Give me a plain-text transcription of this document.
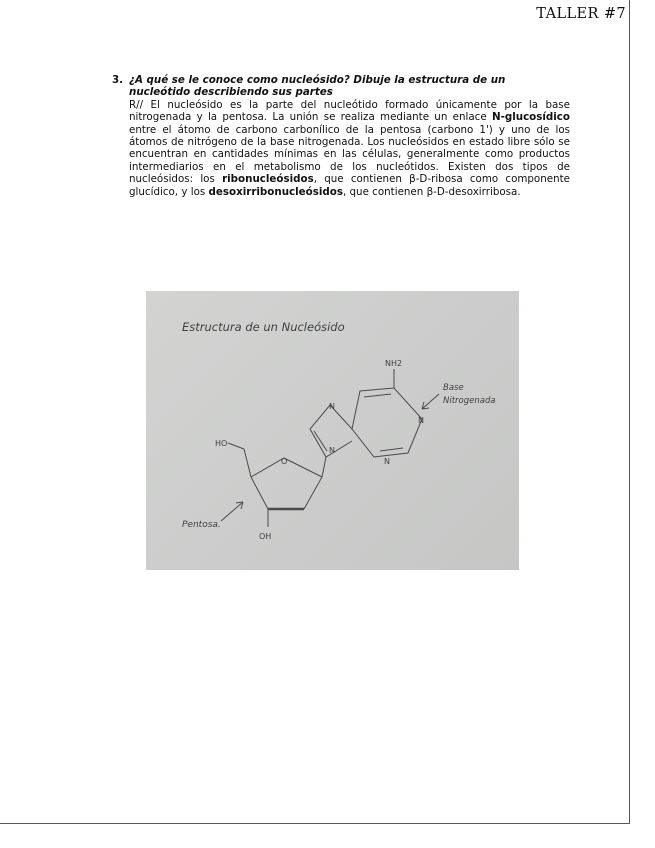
TALLER #7
3. ¿A qué se le conoce como nucleósido? Dibuje la estructura de un nucleótido describiendo sus partes
R// El nucleósido es la parte del nucleótido formado únicamente por la base nitrogenada y la pentosa. La unión se realiza mediante un enlace N-glucosídico entre el átomo de carbono carbonílico de la pentosa (carbono 1') y uno de los átomos de nitrógeno de la base nitrogenada. Los nucleósidos en estado libre sólo se encuentran en cantidades mínimas en las células, generalmente como productos intermediarios en el metabolismo de los nucleótidos. Existen dos tipos de nucleósidos: los ribonucleósidos, que contienen β-D-ribosa como componente glucídico, y los desoxirribonucleósidos, que contienen β-D-desoxirribosa.
Estructura de un Nucleósido
NH2
Base
Nitrogenada
N
N
N
N
O
HO
OH
Pentosa.
